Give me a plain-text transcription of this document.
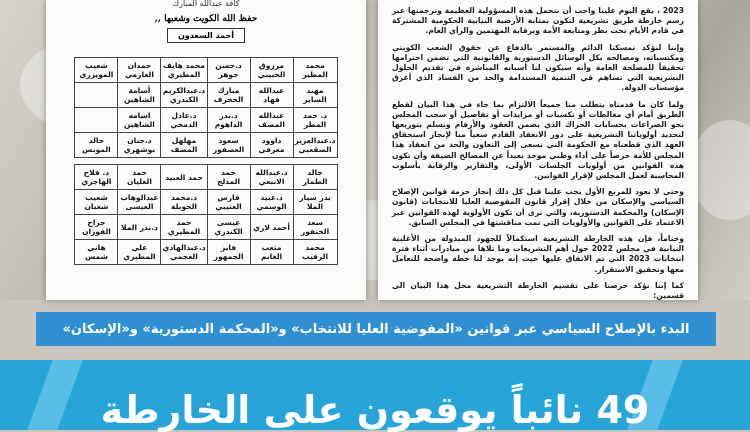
كافة عبدالله المبارك
حفظ الله الكويت وشعبها ,,
أحمد السعدون
محمد المطير	مرزوق الحبيني	د.حسن جوهر	محمد هايف المطيري	حمدان العازمي	شعيب المويزري
مهند الساير	عبدالله فهاد	مبارك الحجرف	د.عبدالكريم الكندري	أسامة الشاهين	
د. حمد المطر	عبدالله المضف	د.بدر الداهوم	د.عادل الدمخي	اسامه الشاهين	
د.عبدالعزيز الصقعبي	داوود معرفي	سعود العصفور	مهلهل المضف	د.جنان بوشهري	خالد المونس

خالد الطمار	د.عبدالله الانبعي	حمد المدلج	حمد العبيد	حمد العليان	د. فلاح الهاجري
بدر سيار الملا	د.عبيد الوسمي	فارس العتيبي	د.محمد الحويلة	عبدالوهاب العيسى	شعيب شعبان
سعد الخنفور	أحمد لاري	عيسى الكندري	حمد المطيري	د.بدر الملا	جراح الفوزان
محمد الرقيب	متعب الغانم	فايز الجمهور	د.عبدالهادي العجمي	علي المطيري	هاني شمس

2023 ، يقع اليوم علينا واجب أن نتحمل هذه المسؤولية العظيمة وترجمتها عبر رسم خارطة طريق تشريعية لتكون بمثابة الأرضية النيابية الحكومية المشتركة في قادم الأيام تحت نظر ومتابعة الأمة وبرقابة المهتمين والرأي العام.

وإننا لنؤكد تمسكنا الدائم والمستمر بالدفاع عن حقوق الشعب الكويتي ومكتسباته، ومصالحه بكل الوسائل الدستورية والقانونية التي تضمن احترامها تحقيقاً للمصلحة العامة وأنه سيكون لنا أسبابه المباشرة في تقديم الحلول التشريعية التي تساهم في التنمية المستدامة والحد من الفساد الذي أغرق مؤسسات الدولة.

ولما كان ما قدمناه يتطلب منا جميعاً الالتزام بما جاء في هذا البيان لقطع الطريق أمام أي مغالطات أو تكسبات أو مزايدات أو تفاصيل أو سحب المجلس نحو الصراعات بحسابات الحراك الذي يضمن العقود والأرقام ونسلم بتوزيعها لتحديد أولوياتنا التشريعية على دور الانعقاد القادم سعياً منا لإنجاز استحقاق العهد الذي قطعناه مع الحكومة التي نسعى إلى التعاون والحد من انعقاد هذا المجلس للأمة حرصاً على أداء وطني موحد بعيداً عن المصالح الضيقة وأن تكون هذه القوانين من أولويات الجلسات الأولى، والتقارير والرقابة بأسلوب المحاسبة لعمل المجلس لإقرار القوانين.

وحتى لا نعود للمربع الأول يجب علينا قبل كل ذلك إنجاز حزمة قوانين الإصلاح السياسي والإسكان من خلال إقرار قانون المفوضية العليا للانتخابات (قانون الإسكان) والمحكمة الدستورية، والتي نرى أن تكون الأولوية لهذه القوانين عبر الاعتماد على القوانين والأولويات التي تمت مناقشتها في المجلس السابق.

وختاماً، فإن هذه الخارطة التشريعية استكمالاً للجهود المبذولة من الأغلبية النيابية في مجلس 2022 حول أهم التشريعات وما تلاها من مبادرات أثناء فترة انتخابات 2023 التي تم الاتفاق عليها حيث إنه يوجد لنا خطة واضحة للتعامل معها وتحقيق الاستقرار.

كما إننا نؤكد حرصنا على تقسيم الخارطة التشريعية محل هذا البيان الى قسمين:

البدء بالإصلاح السياسي عبر قوانين «المفوضية العليا للانتخاب» و«المحكمة الدستورية» و«الإسكان»
49 نائباً يوقعون على الخارطة
